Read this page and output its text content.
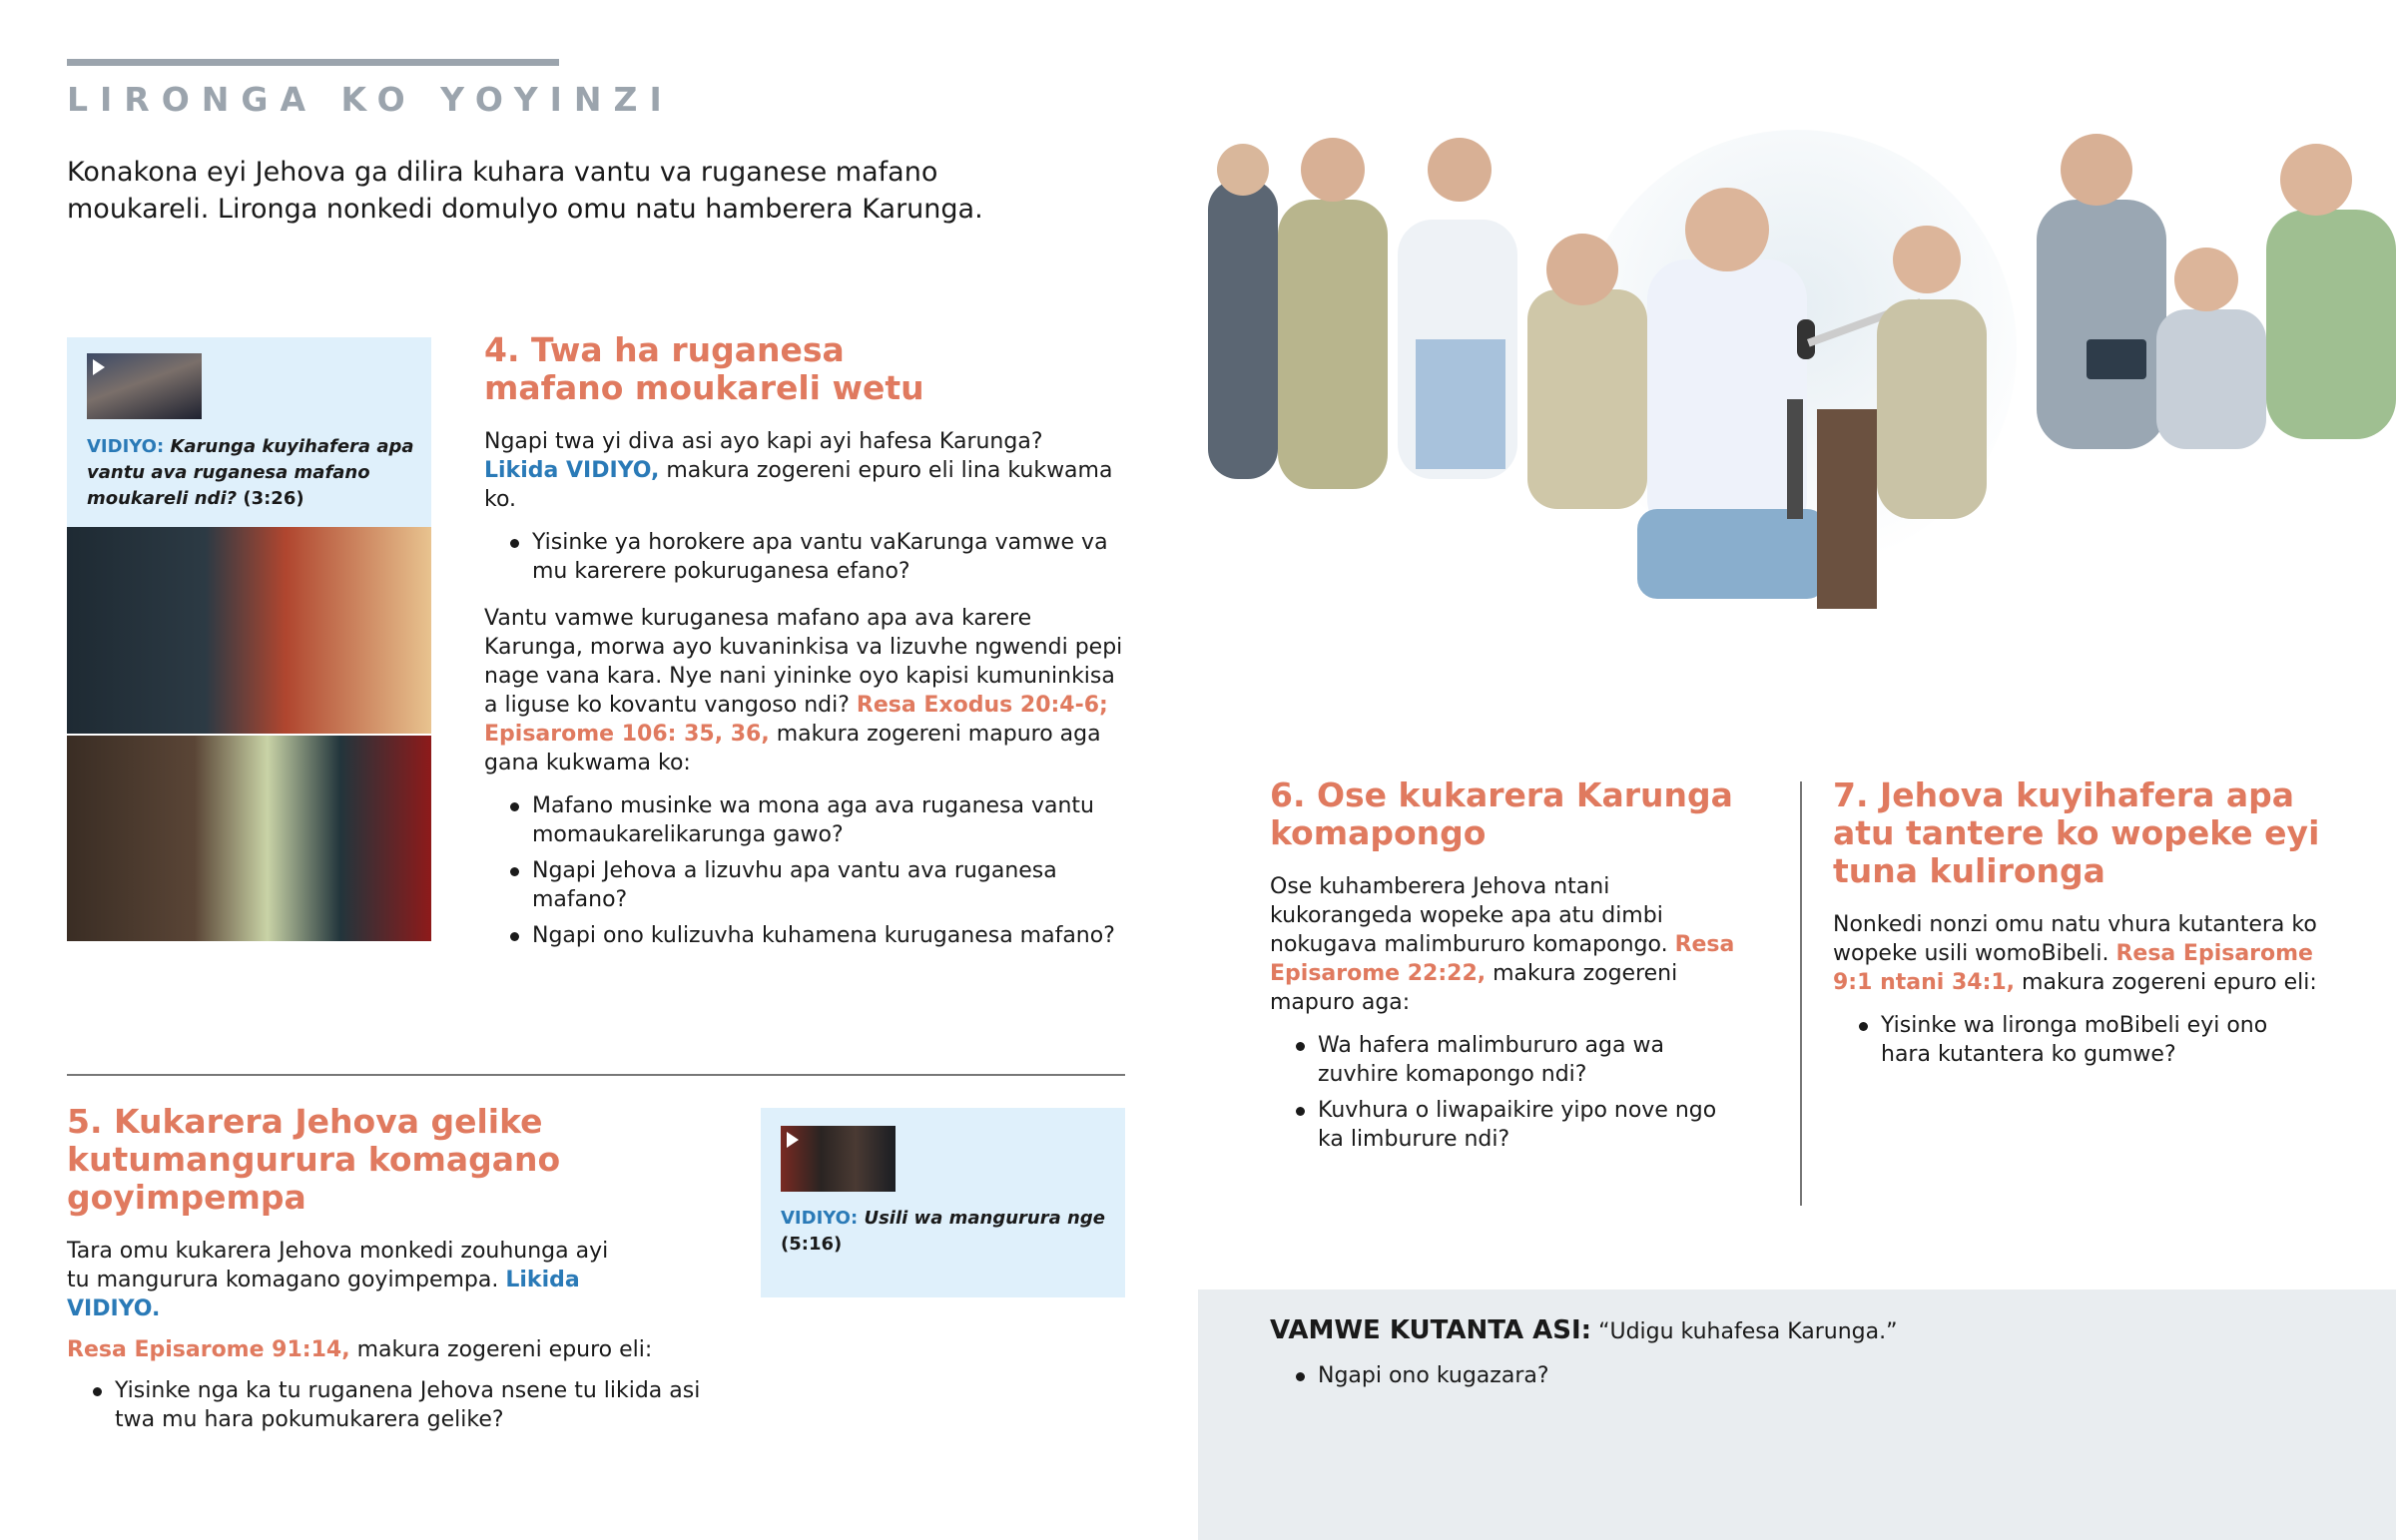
LIRONGA KO YOYINZI
Konakona eyi Jehova ga dilira kuhara vantu va ruganese mafano moukareli. Lironga nonkedi domulyo omu natu hamberera Karunga.
VIDIYO: Karunga kuyihafera apa vantu ava ruganesa mafano moukareli ndi? (3:26)
4. Twa ha ruganesa mafano moukareli wetu
Ngapi twa yi diva asi ayo kapi ayi hafesa Karunga? Likida VIDIYO, makura zogereni epuro eli lina kukwama ko.
Yisinke ya horokere apa vantu vaKarunga vamwe va mu karerere pokuruganesa efano?
Vantu vamwe kuruganesa mafano apa ava karere Karunga, morwa ayo kuvaninkisa va lizuvhe ngwendi pepi nage vana kara. Nye nani yininke oyo kapisi kumuninkisa a liguse ko kovantu vangoso ndi? Resa Exodus 20:4-6; Episarome 106: 35, 36, makura zogereni mapuro aga gana kukwama ko:
Mafano musinke wa mona aga ava ruganesa vantu momaukarelikarunga gawo?
Ngapi Jehova a lizuvhu apa vantu ava ruganesa mafano?
Ngapi ono kulizuvha kuhamena kuruganesa mafano?
5. Kukarera Jehova gelike kutumangurura komagano goyimpempa
Tara omu kukarera Jehova monkedi zouhunga ayi tu mangurura komagano goyimpempa. Likida VIDIYO.
Resa Episarome 91:14, makura zogereni epuro eli:
Yisinke nga ka tu ruganena Jehova nsene tu likida asi twa mu hara pokumukarera gelike?
VIDIYO: Usili wa mangurura nge
(5:16)
6. Ose kukarera Karunga komapongo
Ose kuhamberera Jehova ntani kukorangeda wopeke apa atu dimbi nokugava malimbururo komapongo. Resa Episarome 22:22, makura zogereni mapuro aga:
Wa hafera malimbururo aga wa zuvhire komapongo ndi?
Kuvhura o liwapaikire yipo nove ngo ka limburure ndi?
7. Jehova kuyihafera apa atu tantere ko wopeke eyi tuna kulironga
Nonkedi nonzi omu natu vhura kutantera ko wopeke usili womoBibeli. Resa Episarome 9:1 ntani 34:1, makura zogereni epuro eli:
Yisinke wa lironga moBibeli eyi ono hara kutantera ko gumwe?
VAMWE KUTANTA ASI: “Udigu kuhafesa Karunga.”
Ngapi ono kugazara?
